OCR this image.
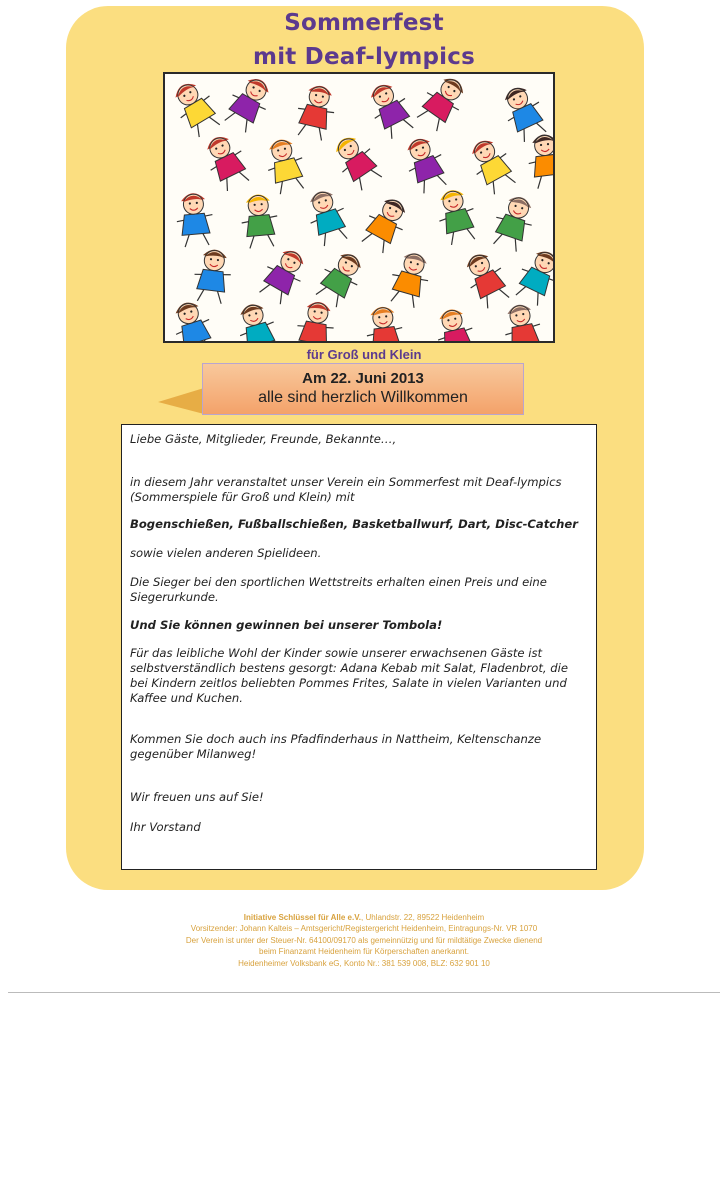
Sommerfest
mit Deaf-lympics
für Groß und Klein
Am 22. Juni 2013
alle sind herzlich Willkommen

Liebe Gäste, Mitglieder, Freunde, Bekannte…,

in diesem Jahr veranstaltet unser Verein ein Sommerfest mit Deaf-lympics

(Sommerspiele für Groß und Klein) mit

Bogenschießen, Fußballschießen, Basketballwurf, Dart, Disc-Catcher

sowie vielen anderen Spielideen.

Die Sieger bei den sportlichen Wettstreits erhalten einen Preis und eine

Siegerurkunde.

Und Sie können gewinnen bei unserer Tombola!

Für das leibliche Wohl der Kinder sowie unserer erwachsenen Gäste ist

selbstverständlich bestens gesorgt: Adana Kebab mit Salat, Fladenbrot, die

bei Kindern zeitlos beliebten Pommes Frites, Salate in vielen Varianten und

Kaffee und Kuchen.

Kommen Sie doch auch ins Pfadfinderhaus in Nattheim, Keltenschanze

gegenüber Milanweg!

Wir freuen uns auf Sie!

Ihr Vorstand

Initiative Schlüssel für Alle e.V., Uhlandstr. 22, 89522 Heidenheim
Vorsitzender: Johann Kalteis – Amtsgericht/Registergericht Heidenheim, Eintragungs-Nr. VR 1070
Der Verein ist unter der Steuer-Nr. 64100/09170 als gemeinnützig und für mildtätige Zwecke dienend
beim Finanzamt Heidenheim für Körperschaften anerkannt.
Heidenheimer Volksbank eG, Konto Nr.: 381 539 008, BLZ: 632 901 10
